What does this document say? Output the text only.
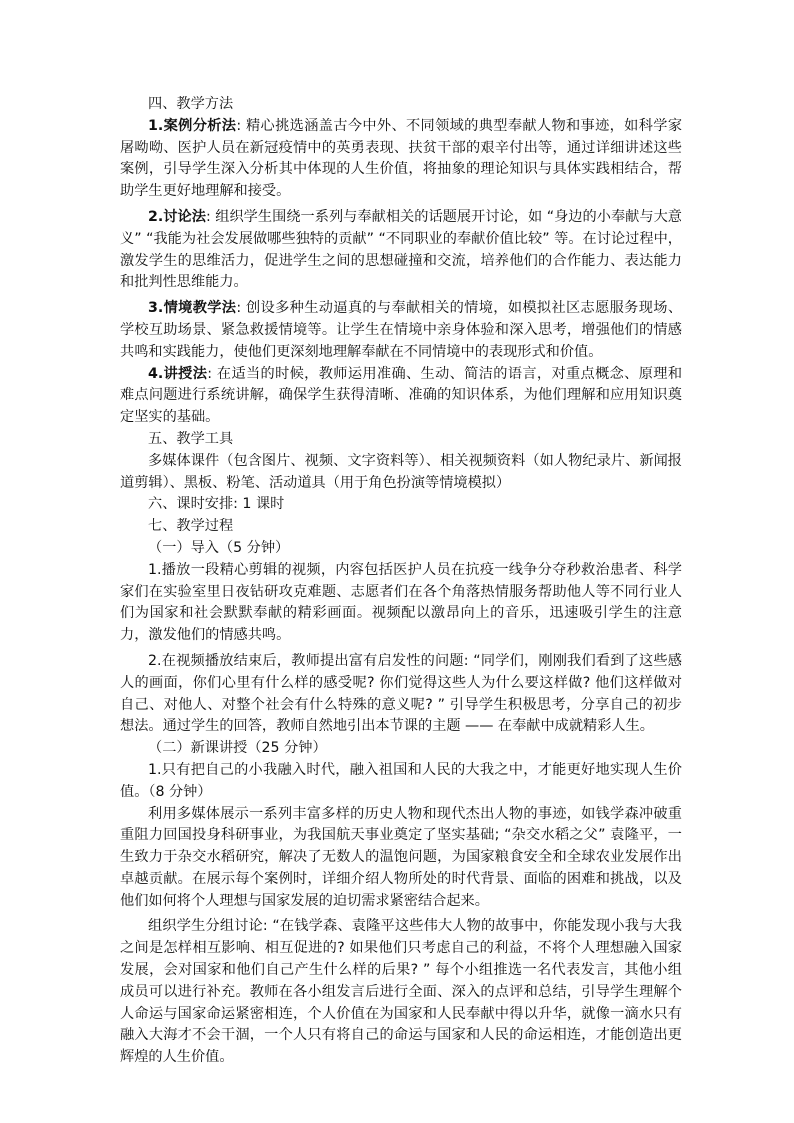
四、教学方法

1.案例分析法: 精心挑选涵盖古今中外、不同领域的典型奉献人物和事迹，如科学家屠呦呦、医护人员在新冠疫情中的英勇表现、扶贫干部的艰辛付出等，通过详细讲述这些案例，引导学生深入分析其中体现的人生价值，将抽象的理论知识与具体实践相结合，帮助学生更好地理解和接受。

2.讨论法: 组织学生围绕一系列与奉献相关的话题展开讨论，如 “身边的小奉献与大意义” “我能为社会发展做哪些独特的贡献” “不同职业的奉献价值比较” 等。在讨论过程中，激发学生的思维活力，促进学生之间的思想碰撞和交流，培养他们的合作能力、表达能力和批判性思维能力。

3.情境教学法: 创设多种生动逼真的与奉献相关的情境，如模拟社区志愿服务现场、学校互助场景、紧急救援情境等。让学生在情境中亲身体验和深入思考，增强他们的情感共鸣和实践能力，使他们更深刻地理解奉献在不同情境中的表现形式和价值。

4.讲授法: 在适当的时候，教师运用准确、生动、简洁的语言，对重点概念、原理和难点问题进行系统讲解，确保学生获得清晰、准确的知识体系，为他们理解和应用知识奠定坚实的基础。

五、教学工具

多媒体课件（包含图片、视频、文字资料等）、相关视频资料（如人物纪录片、新闻报道剪辑）、黑板、粉笔、活动道具（用于角色扮演等情境模拟）

六、课时安排: 1 课时

七、教学过程

（一）导入（5 分钟）

1.播放一段精心剪辑的视频，内容包括医护人员在抗疫一线争分夺秒救治患者、科学家们在实验室里日夜钻研攻克难题、志愿者们在各个角落热情服务帮助他人等不同行业人们为国家和社会默默奉献的精彩画面。视频配以激昂向上的音乐，迅速吸引学生的注意力，激发他们的情感共鸣。

2.在视频播放结束后，教师提出富有启发性的问题: “同学们，刚刚我们看到了这些感人的画面，你们心里有什么样的感受呢? 你们觉得这些人为什么要这样做? 他们这样做对自己、对他人、对整个社会有什么特殊的意义呢? ” 引导学生积极思考，分享自己的初步想法。通过学生的回答，教师自然地引出本节课的主题 —— 在奉献中成就精彩人生。

（二）新课讲授（25 分钟）

1.只有把自己的小我融入时代，融入祖国和人民的大我之中，才能更好地实现人生价值。（8 分钟）

利用多媒体展示一系列丰富多样的历史人物和现代杰出人物的事迹，如钱学森冲破重重阻力回国投身科研事业，为我国航天事业奠定了坚实基础; “杂交水稻之父” 袁隆平，一生致力于杂交水稻研究，解决了无数人的温饱问题，为国家粮食安全和全球农业发展作出卓越贡献。在展示每个案例时，详细介绍人物所处的时代背景、面临的困难和挑战，以及他们如何将个人理想与国家发展的迫切需求紧密结合起来。

组织学生分组讨论: “在钱学森、袁隆平这些伟大人物的故事中，你能发现小我与大我之间是怎样相互影响、相互促进的? 如果他们只考虑自己的利益，不将个人理想融入国家发展，会对国家和他们自己产生什么样的后果? ” 每个小组推选一名代表发言，其他小组成员可以进行补充。教师在各小组发言后进行全面、深入的点评和总结，引导学生理解个人命运与国家命运紧密相连，个人价值在为国家和人民奉献中得以升华，就像一滴水只有融入大海才不会干涸，一个人只有将自己的命运与国家和人民的命运相连，才能创造出更辉煌的人生价值。
